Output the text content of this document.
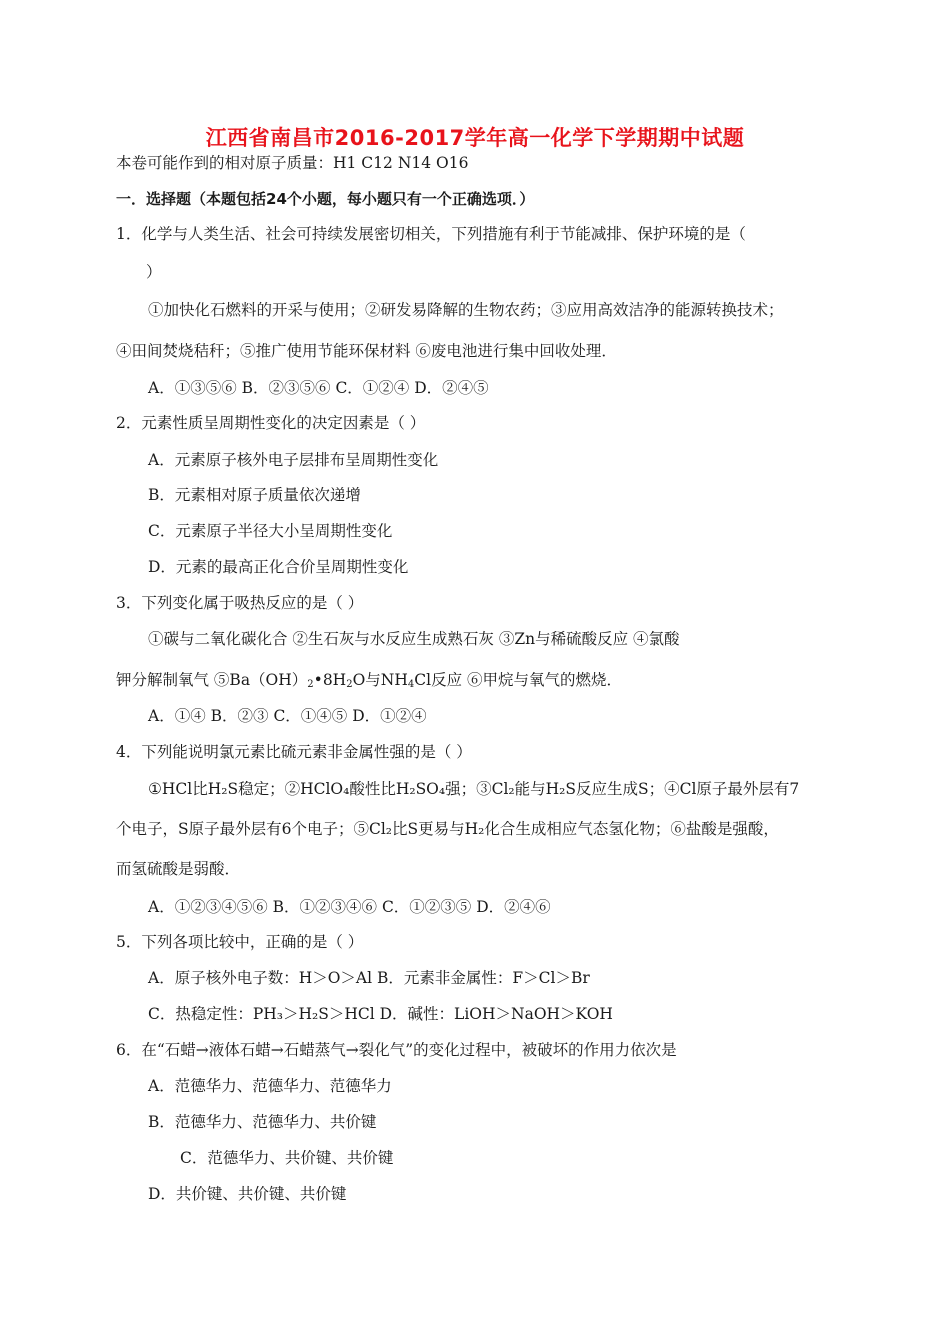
江西省南昌市2016-2017学年高一化学下学期期中试题
本卷可能作到的相对原子质量：H1 C12 N14 O16
一．选择题（本题包括24个小题，每小题只有一个正确选项．）
1．化学与人类生活、社会可持续发展密切相关，下列措施有利于节能减排、保护环境的是（
）
①加快化石燃料的开采与使用；②研发易降解的生物农药；③应用高效洁净的能源转换技术；
④田间焚烧秸秆；⑤推广使用节能环保材料 ⑥废电池进行集中回收处理．
A．①③⑤⑥ B．②③⑤⑥ C．①②④ D．②④⑤
2．元素性质呈周期性变化的决定因素是（ ）
A．元素原子核外电子层排布呈周期性变化
B．元素相对原子质量依次递增
C．元素原子半径大小呈周期性变化
D．元素的最高正化合价呈周期性变化
3．下列变化属于吸热反应的是（ ）
①碳与二氧化碳化合 ②生石灰与水反应生成熟石灰 ③Zn与稀硫酸反应 ④氯酸
钾分解制氧气 $⑤Ba(OH)_2•8H_2O$与$NH_4Cl$反应 ⑥甲烷与氧气的燃烧．
A．①④ B．②③ C．①④⑤ D．①②④
4．下列能说明氯元素比硫元素非金属性强的是（ ）
①HCl比H₂S稳定；②HClO₄酸性比H₂SO₄强；③Cl₂能与H₂S反应生成S；④Cl原子最外层有7
个电子，S原子最外层有6个电子；⑤Cl₂比S更易与H₂化合生成相应气态氢化物；⑥盐酸是强酸，
而氢硫酸是弱酸．
A．①②③④⑤⑥ B．①②③④⑥ C．①②③⑤ D．②④⑥
5．下列各项比较中，正确的是（ ）
A．原子核外电子数：H＞O＞Al B．元素非金属性：F＞Cl＞Br
C．热稳定性：PH₃＞H₂S＞HCl D．碱性：LiOH＞NaOH＞KOH
6．在“石蜡→液体石蜡→石蜡蒸气→裂化气”的变化过程中，被破坏的作用力依次是
A．范德华力、范德华力、范德华力
B．范德华力、范德华力、共价键
C．范德华力、共价键、共价键
D．共价键、共价键、共价键
